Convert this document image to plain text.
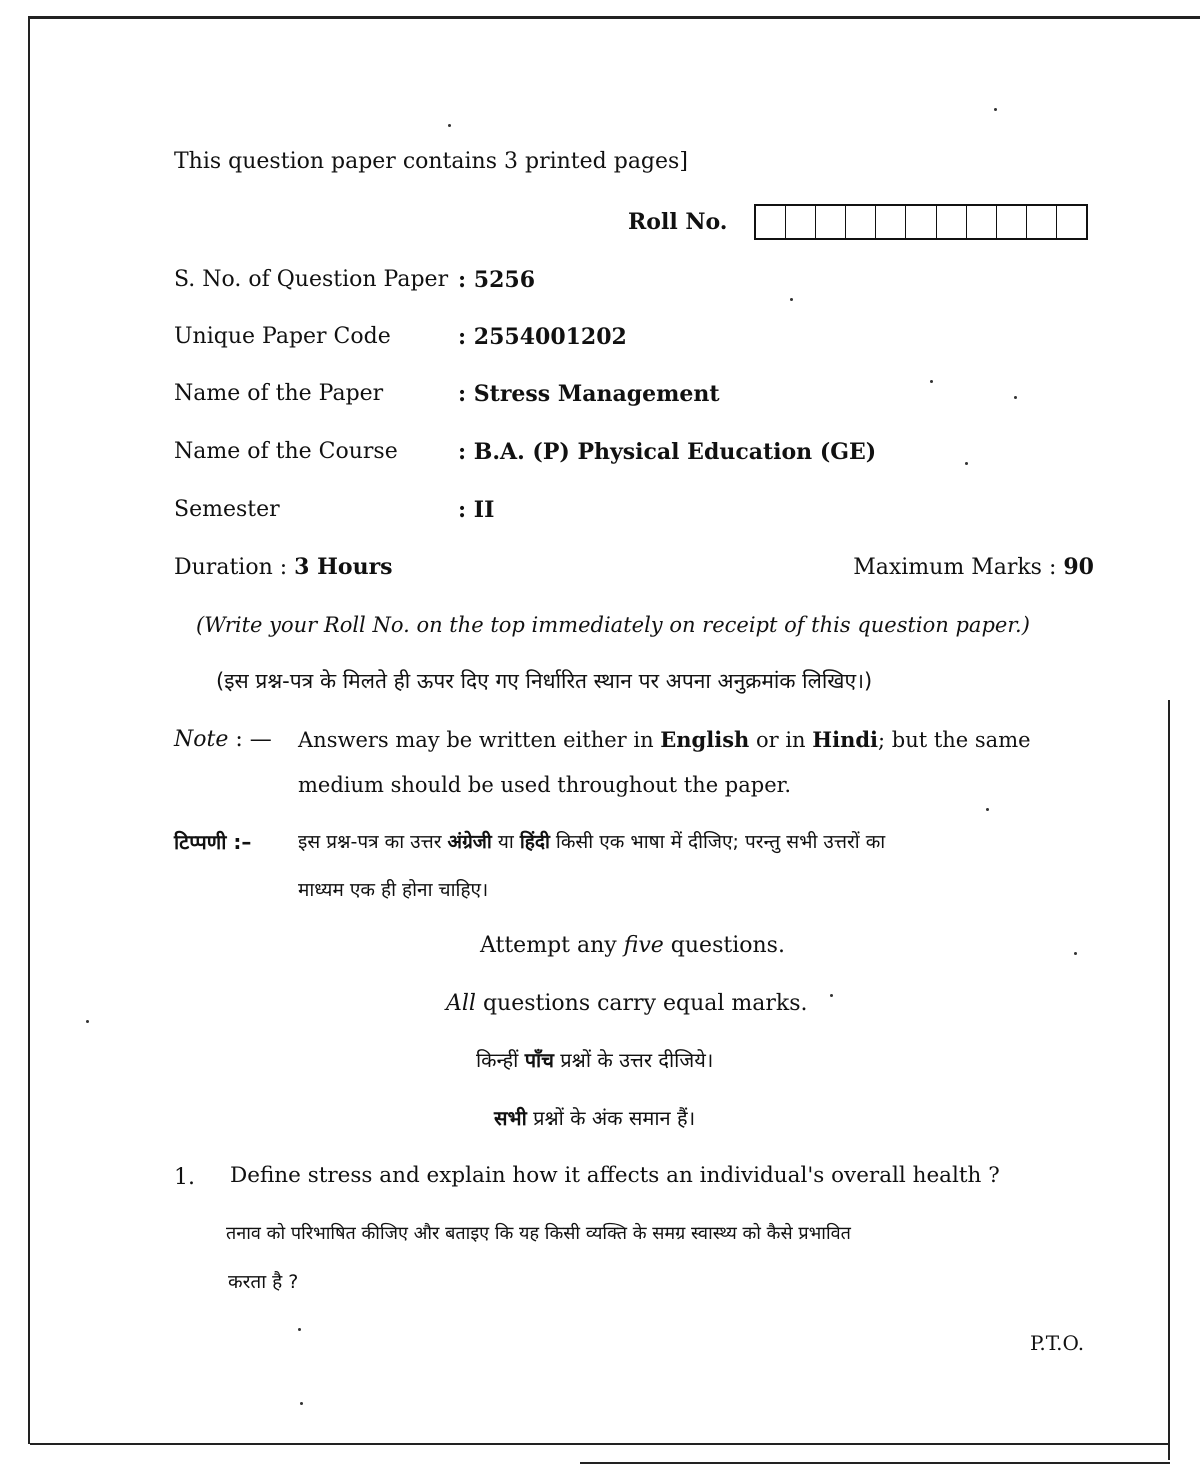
This question paper contains 3 printed pages]
Roll No.
S. No. of Question Paper : 5256
Unique Paper Code	: 2554001202
Name of the Paper	: Stress Management
Name of the Course	: B.A. (P) Physical Education (GE)
Semester	: II
Duration : 3 Hours	Maximum Marks : 90
(Write your Roll No. on the top immediately on receipt of this question paper.)
(इस प्रश्न-पत्र के मिलते ही ऊपर दिए गए निर्धारित स्थान पर अपना अनुक्रमांक लिखिए।)
Note : — Answers may be written either in English or in Hindi; but the same
medium should be used throughout the paper.
टिप्पणी :– इस प्रश्न-पत्र का उत्तर अंग्रेजी या हिंदी किसी एक भाषा में दीजिए; परन्तु सभी उत्तरों का
माध्यम एक ही होना चाहिए।
Attempt any five questions.
All questions carry equal marks.
किन्हीं पाँच प्रश्नों के उत्तर दीजिये।
सभी प्रश्नों के अंक समान हैं।
1. Define stress and explain how it affects an individual's overall health ?
तनाव को परिभाषित कीजिए और बताइए कि यह किसी व्यक्ति के समग्र स्वास्थ्य को कैसे प्रभावित
करता है ?
P.T.O.
